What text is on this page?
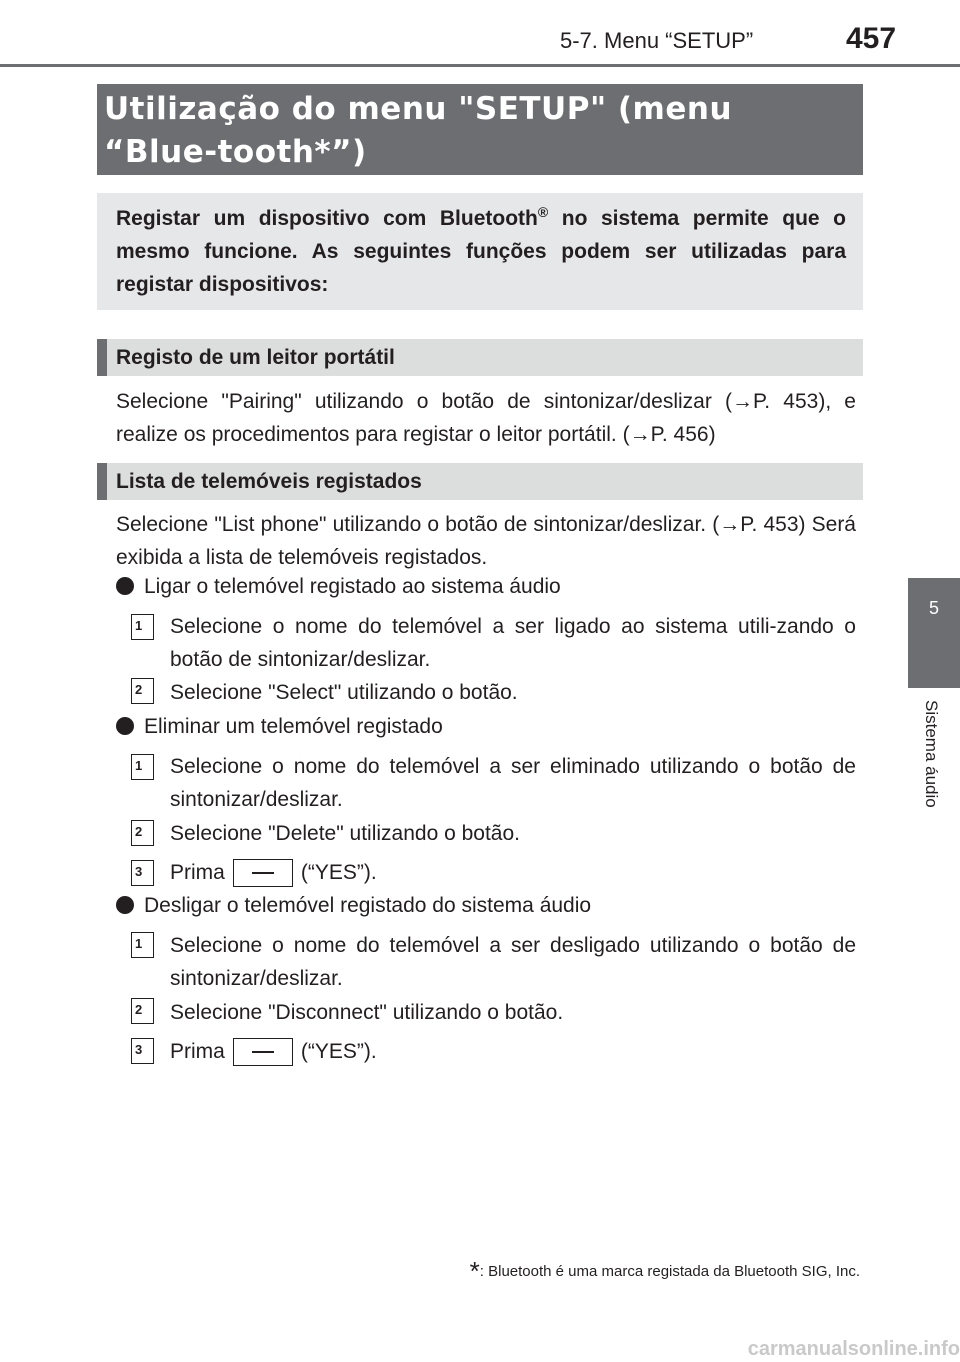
5-7. Menu “SETUP”	457
Utilização do menu "SETUP" (menu “Blue-tooth*”)
Registar um dispositivo com Bluetooth® no sistema permite que o mesmo funcione. As seguintes funções podem ser utilizadas para registar dispositivos:
Registo de um leitor portátil
Selecione "Pairing" utilizando o botão de sintonizar/deslizar (→P. 453), e realize os procedimentos para registar o leitor portátil. (→P. 456)
Lista de telemóveis registados
Selecione "List phone" utilizando o botão de sintonizar/deslizar. (→P. 453) Será exibida a lista de telemóveis registados.
Ligar o telemóvel registado ao sistema áudio
1	Selecione o nome do telemóvel a ser ligado ao sistema utili-zando o botão de sintonizar/deslizar.
2	Selecione "Select" utilizando o botão.
Eliminar um telemóvel registado
1	Selecione o nome do telemóvel a ser eliminado utilizando o botão de sintonizar/deslizar.
2	Selecione "Delete" utilizando o botão.
3	Prima	(“YES”).
Desligar o telemóvel registado do sistema áudio
1	Selecione o nome do telemóvel a ser desligado utilizando o botão de sintonizar/deslizar.
2	Selecione "Disconnect" utilizando o botão.
3	Prima	(“YES”).
*: Bluetooth é uma marca registada da Bluetooth SIG, Inc.
5
Sistema áudio
carmanualsonline.info
